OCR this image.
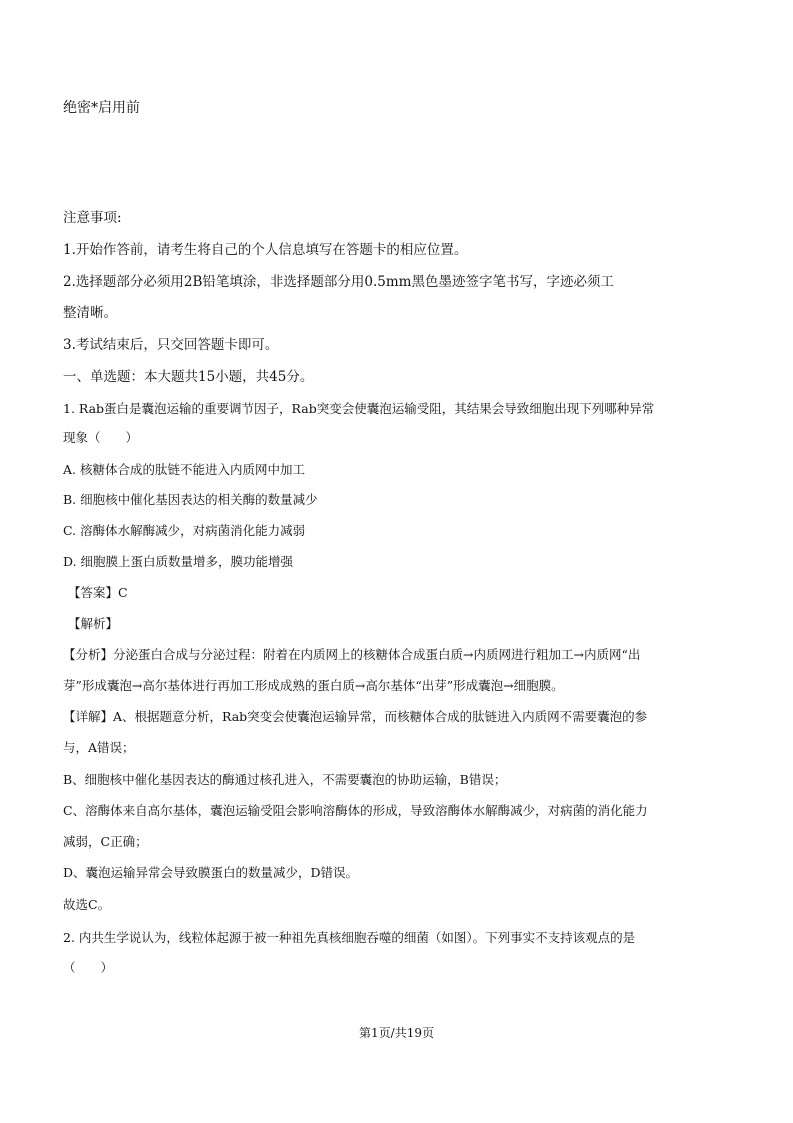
绝密*启用前
注意事项:
1.开始作答前，请考生将自己的个人信息填写在答题卡的相应位置。
2.选择题部分必须用2B铅笔填涂，非选择题部分用0.5mm黑色墨迹签字笔书写，字迹必须工
整清晰。
3.考试结束后，只交回答题卡即可。
一、单选题：本大题共15小题，共45分。
1. Rab蛋白是囊泡运输的重要调节因子，Rab突变会使囊泡运输受阻，其结果会导致细胞出现下列哪种异常
现象（　　）
A. 核糖体合成的肽链不能进入内质网中加工
B. 细胞核中催化基因表达的相关酶的数量减少
C. 溶酶体水解酶减少，对病菌消化能力减弱
D. 细胞膜上蛋白质数量增多，膜功能增强
【答案】C
【解析】
【分析】分泌蛋白合成与分泌过程：附着在内质网上的核糖体合成蛋白质→内质网进行粗加工→内质网“出
芽”形成囊泡→高尔基体进行再加工形成成熟的蛋白质→高尔基体“出芽”形成囊泡→细胞膜。
【详解】A、根据题意分析，Rab突变会使囊泡运输异常，而核糖体合成的肽链进入内质网不需要囊泡的参
与，A错误；
B、细胞核中催化基因表达的酶通过核孔进入，不需要囊泡的协助运输，B错误；
C、溶酶体来自高尔基体，囊泡运输受阻会影响溶酶体的形成，导致溶酶体水解酶减少，对病菌的消化能力
减弱，C正确；
D、囊泡运输异常会导致膜蛋白的数量减少，D错误。
故选C。
2. 内共生学说认为，线粒体起源于被一种祖先真核细胞吞噬的细菌（如图）。下列事实不支持该观点的是
（　　）
第1页/共19页
